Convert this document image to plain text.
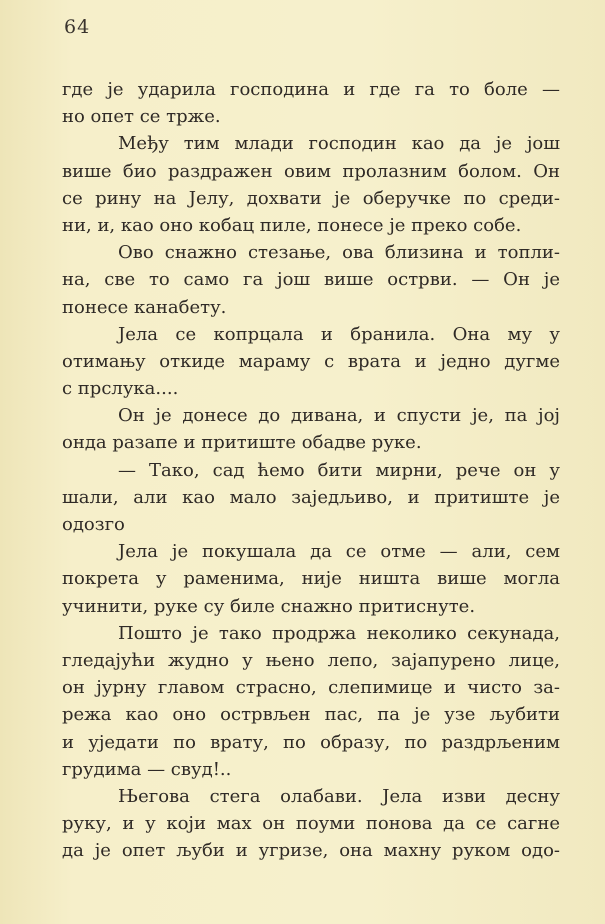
64
где је ударила господина и где га то боле —
но опет се трже.
Међу тим млади господин као да је још
више био раздражен овим пролазним болом. Он
се рину на Јелу, дохвати је оберучке по среди-
ни, и, као оно кобац пиле, понесе је преко собе.
Ово снажно стезање, ова близина и топли-
на, све то само га још више острви. — Он је
понесе канабету.
Јела се копрцала и бранила. Она му у
отимању откиде мараму с врата и једно дугме
с прслука....
Он је донесе до дивана, и спусти је, па јој
онда разапе и притиште обадве руке.
— Тако, сад ћемо бити мирни, рече он у
шали, али као мало заједљиво, и притиште је
одозго
Јела је покушала да се отме — али, сем
покрета у раменима, није ништа више могла
учинити, руке су биле снажно притиснуте.
Пошто је тако продржа неколико секунада,
гледајући жудно у њено лепо, зајапурено лице,
он јурну главом страсно, слепимице и чисто за-
режа као оно острвљен пас, па је узе љубити
и уједати по врату, по образу, по раздрљеним
грудима — свуд!..
Његова стега олабави. Јела изви десну
руку, и у који мах он поуми понова да се сагне
да је опет љуби и угризе, она махну руком одо-
